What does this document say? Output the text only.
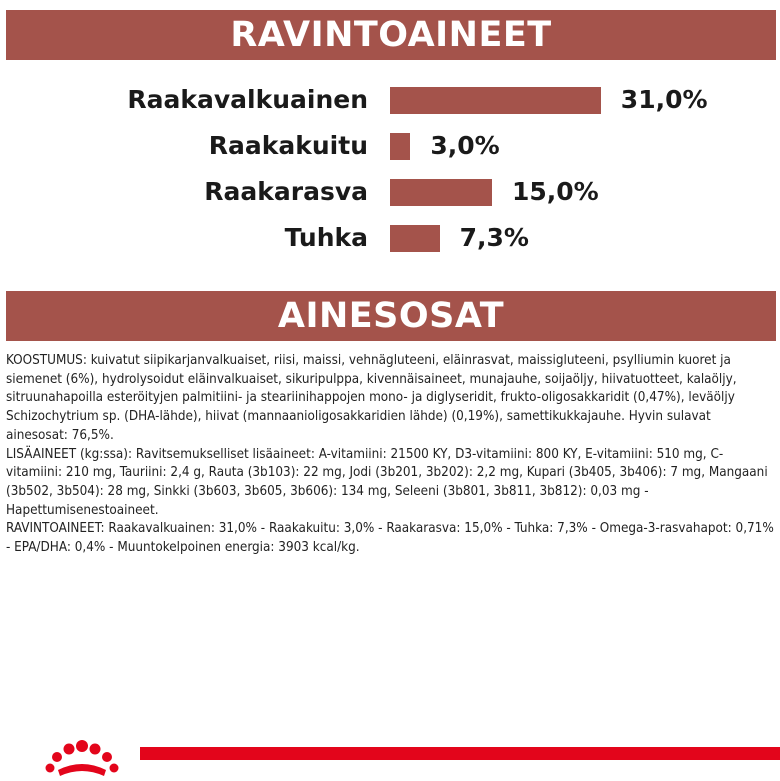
RAVINTOAINEET
Raakavalkuainen	31,0%
Raakakuitu 3,0%
Raakarasva	15,0%
Tuhka	7,3%
AINESOSAT

KOOSTUMUS: kuivatut siipikarjanvalkuaiset, riisi, maissi, vehnägluteeni, eläinrasvat, maissigluteeni, psylliumin kuoret ja siemenet (6%), hydrolysoidut eläinvalkuaiset, sikuripulppa, kivennäisaineet, munajauhe, soijaöljy, hiivatuotteet, kalaöljy, sitruunahapoilla esteröityjen palmitiini- ja steariinihappojen mono- ja diglyseridit, frukto-oligosakkaridit (0,47%), leväöljy Schizochytrium sp. (DHA-lähde), hiivat (mannaanioligosakkaridien lähde) (0,19%), samettikukkajauhe. Hyvin sulavat ainesosat: 76,5%.

LISÄAINEET (kg:ssa): Ravitsemukselliset lisäaineet: A-vitamiini: 21500 KY, D3-vitamiini: 800 KY, E-vitamiini: 510 mg, C-vitamiini: 210 mg, Tauriini: 2,4 g, Rauta (3b103): 22 mg, Jodi (3b201, 3b202): 2,2 mg, Kupari (3b405, 3b406): 7 mg, Mangaani (3b502, 3b504): 28 mg, Sinkki (3b603, 3b605, 3b606): 134 mg, Seleeni (3b801, 3b811, 3b812): 0,03 mg - Hapettumisenestoaineet.

RAVINTOAINEET: Raakavalkuainen: 31,0% - Raakakuitu: 3,0% - Raakarasva: 15,0% - Tuhka: 7,3% - Omega-3-rasvahapot: 0,71% - EPA/DHA: 0,4% - Muuntokelpoinen energia: 3903 kcal/kg.
